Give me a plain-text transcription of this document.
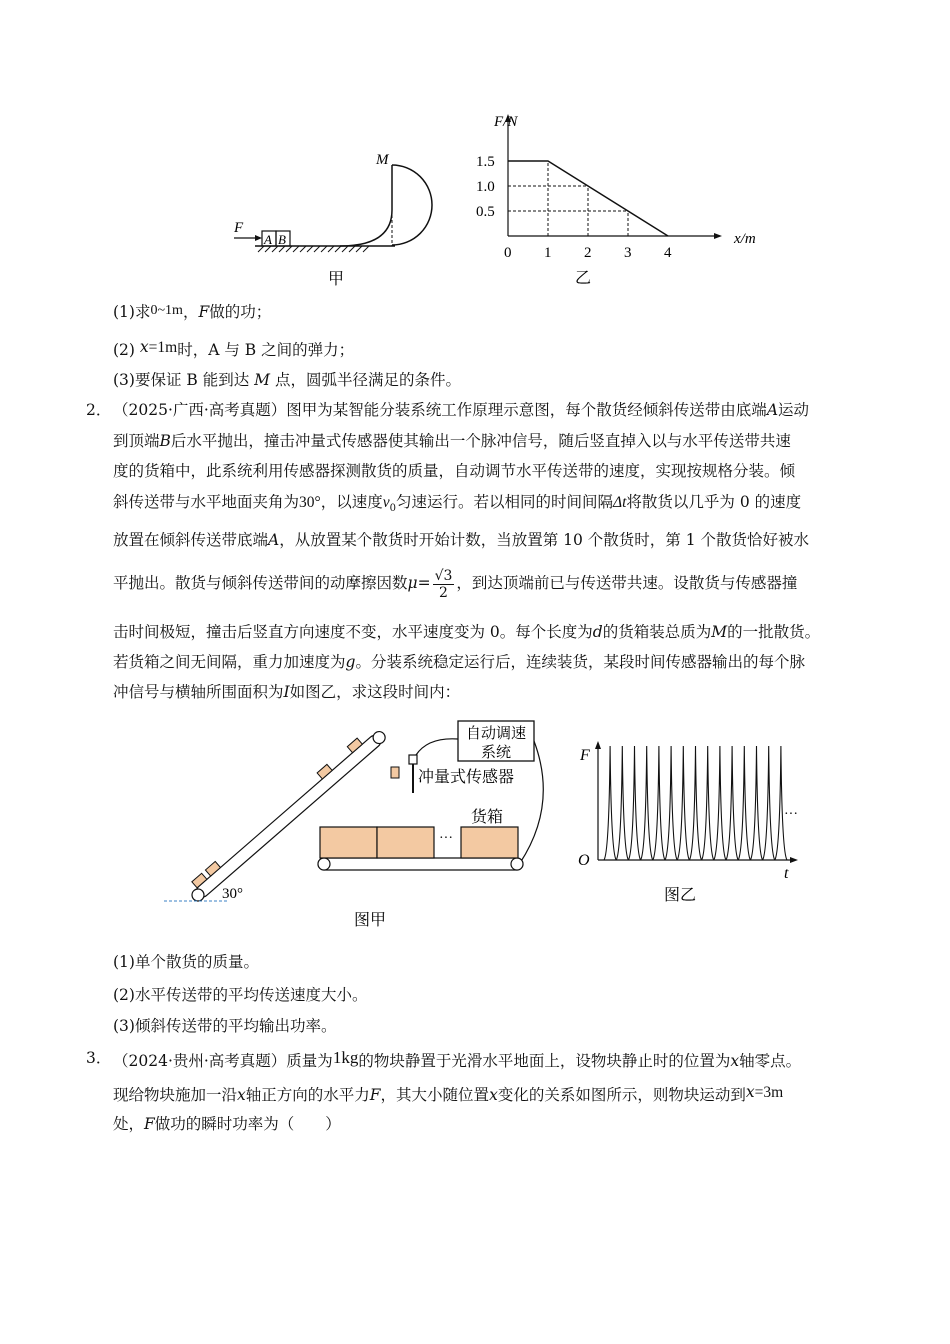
F
A B
M
甲
1.5
1.0
0.5
1 2 3 4
F/N
x/m
0
乙
(1)求0~1m，F做的功；
(2) x=1m时，A 与 B 之间的弹力；
(3)要保证 B 能到达 M 点，圆弧半径满足的条件。
2． （2025·广西·高考真题）图甲为某智能分装系统工作原理示意图，每个散货经倾斜传送带由底端A运动
到顶端B后水平抛出，撞击冲量式传感器使其输出一个脉冲信号，随后竖直掉入以与水平传送带共速
度的货箱中，此系统利用传感器探测散货的质量，自动调节水平传送带的速度，实现按规格分装。倾
斜传送带与水平地面夹角为30°，以速度$v_0$匀速运行。若以相同的时间间隔Δt将散货以几乎为 0 的速度
放置在倾斜传送带底端A，从放置某个散货时开始计数，当放置第 10 个散货时，第 1 个散货恰好被水
平抛出。散货与倾斜传送带间的动摩擦因数$\mu= \frac{√3}{2}$ ，到达顶端前已与传送带共速。设散货与传感器撞
击时间极短，撞击后竖直方向速度不变，水平速度变为 0。每个长度为d的货箱装总质为M的一批散货。
若货箱之间无间隔，重力加速度为g。分装系统稳定运行后，连续装货，某段时间传感器输出的每个脉
冲信号与横轴所围面积为I如图乙，求这段时间内：
自动调速
系统
冲量式传感器
30°
···
货箱
图甲
F
t
O
···
图乙
(1)单个散货的质量。
(2)水平传送带的平均传送速度大小。
(3)倾斜传送带的平均输出功率。
3． （2024·贵州·高考真题）质量为1kg的物块静置于光滑水平地面上，设物块静止时的位置为x轴零点。
现给物块施加一沿x轴正方向的水平力F，其大小随位置x变化的关系如图所示，则物块运动到x=3m
处，F做功的瞬时功率为（　　）
